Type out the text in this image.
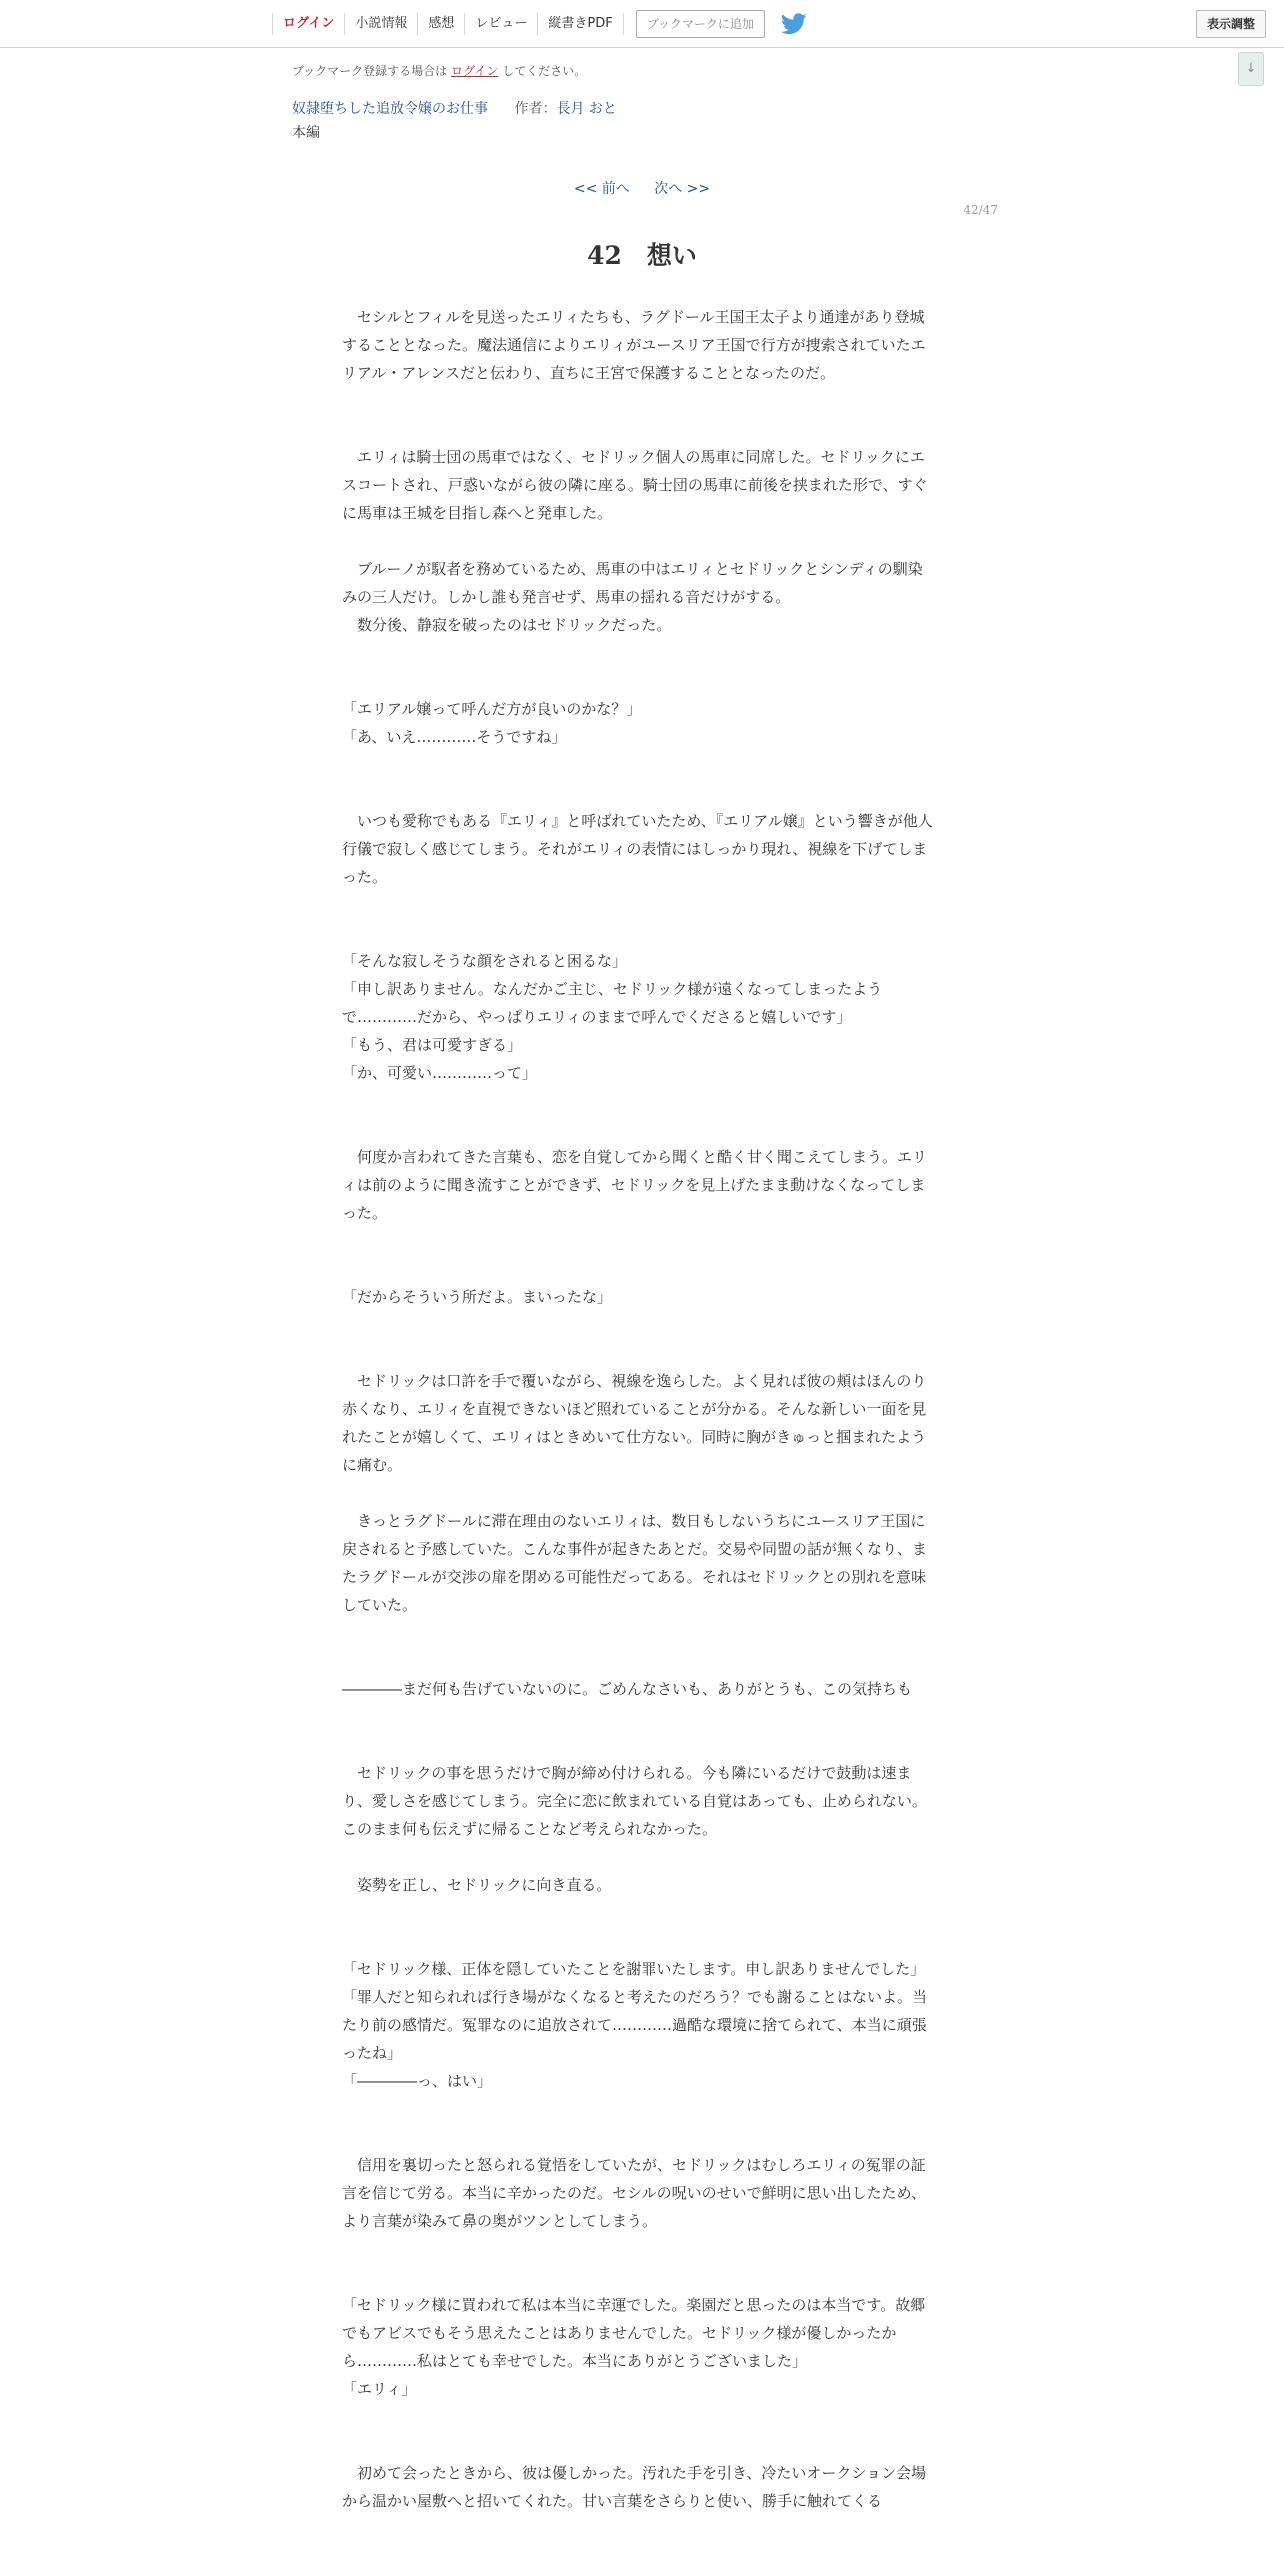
ログイン	小説情報	感想	レビュー	縦書きPDF	ブックマークに追加	表示調整
↓
ブックマーク登録する場合は ログイン してください。
奴隷堕ちした追放令嬢のお仕事 作者：長月 おと
本編
<< 前へ 次へ >>
42/47
42　想い

　セシルとフィルを見送ったエリィたちも、ラグドール王国王太子より通達があり登城することとなった。魔法通信によりエリィがユースリア王国で行方が捜索されていたエリアル・アレンスだと伝わり、直ちに王宮で保護することとなったのだ。

　エリィは騎士団の馬車ではなく、セドリック個人の馬車に同席した。セドリックにエスコートされ、戸惑いながら彼の隣に座る。騎士団の馬車に前後を挟まれた形で、すぐに馬車は王城を目指し森へと発車した。

　ブルーノが馭者を務めているため、馬車の中はエリィとセドリックとシンディの馴染みの三人だけ。しかし誰も発言せず、馬車の揺れる音だけがする。

　数分後、静寂を破ったのはセドリックだった。

「エリアル嬢って呼んだ方が良いのかな？」

「あ、いえ…………そうですね」

　いつも愛称でもある『エリィ』と呼ばれていたため、『エリアル嬢』という響きが他人行儀で寂しく感じてしまう。それがエリィの表情にはしっかり現れ、視線を下げてしまった。

「そんな寂しそうな顔をされると困るな」

「申し訳ありません。なんだかご主じ、セドリック様が遠くなってしまったようで…………だから、やっぱりエリィのままで呼んでくださると嬉しいです」

「もう、君は可愛すぎる」

「か、可愛い…………って」

　何度か言われてきた言葉も、恋を自覚してから聞くと酷く甘く聞こえてしまう。エリィは前のように聞き流すことができず、セドリックを見上げたまま動けなくなってしまった。

「だからそういう所だよ。まいったな」

　セドリックは口許を手で覆いながら、視線を逸らした。よく見れば彼の頬はほんのり赤くなり、エリィを直視できないほど照れていることが分かる。そんな新しい一面を見れたことが嬉しくて、エリィはときめいて仕方ない。同時に胸がきゅっと掴まれたように痛む。

　きっとラグドールに滞在理由のないエリィは、数日もしないうちにユースリア王国に戻されると予感していた。こんな事件が起きたあとだ。交易や同盟の話が無くなり、またラグドールが交渉の扉を閉める可能性だってある。それはセドリックとの別れを意味していた。

――――まだ何も告げていないのに。ごめんなさいも、ありがとうも、この気持ちも

　セドリックの事を思うだけで胸が締め付けられる。今も隣にいるだけで鼓動は速まり、愛しさを感じてしまう。完全に恋に飲まれている自覚はあっても、止められない。このまま何も伝えずに帰ることなど考えられなかった。

　姿勢を正し、セドリックに向き直る。

「セドリック様、正体を隠していたことを謝罪いたします。申し訳ありませんでした」

「罪人だと知られれば行き場がなくなると考えたのだろう？でも謝ることはないよ。当たり前の感情だ。冤罪なのに追放されて…………過酷な環境に捨てられて、本当に頑張ったね」

「――――っ、はい」

　信用を裏切ったと怒られる覚悟をしていたが、セドリックはむしろエリィの冤罪の証言を信じて労る。本当に辛かったのだ。セシルの呪いのせいで鮮明に思い出したため、より言葉が染みて鼻の奥がツンとしてしまう。

「セドリック様に買われて私は本当に幸運でした。楽園だと思ったのは本当です。故郷でもアビスでもそう思えたことはありませんでした。セドリック様が優しかったから…………私はとても幸せでした。本当にありがとうございました」

「エリィ」

　初めて会ったときから、彼は優しかった。汚れた手を引き、冷たいオークション会場から温かい屋敷へと招いてくれた。甘い言葉をさらりと使い、勝手に触れてくる
